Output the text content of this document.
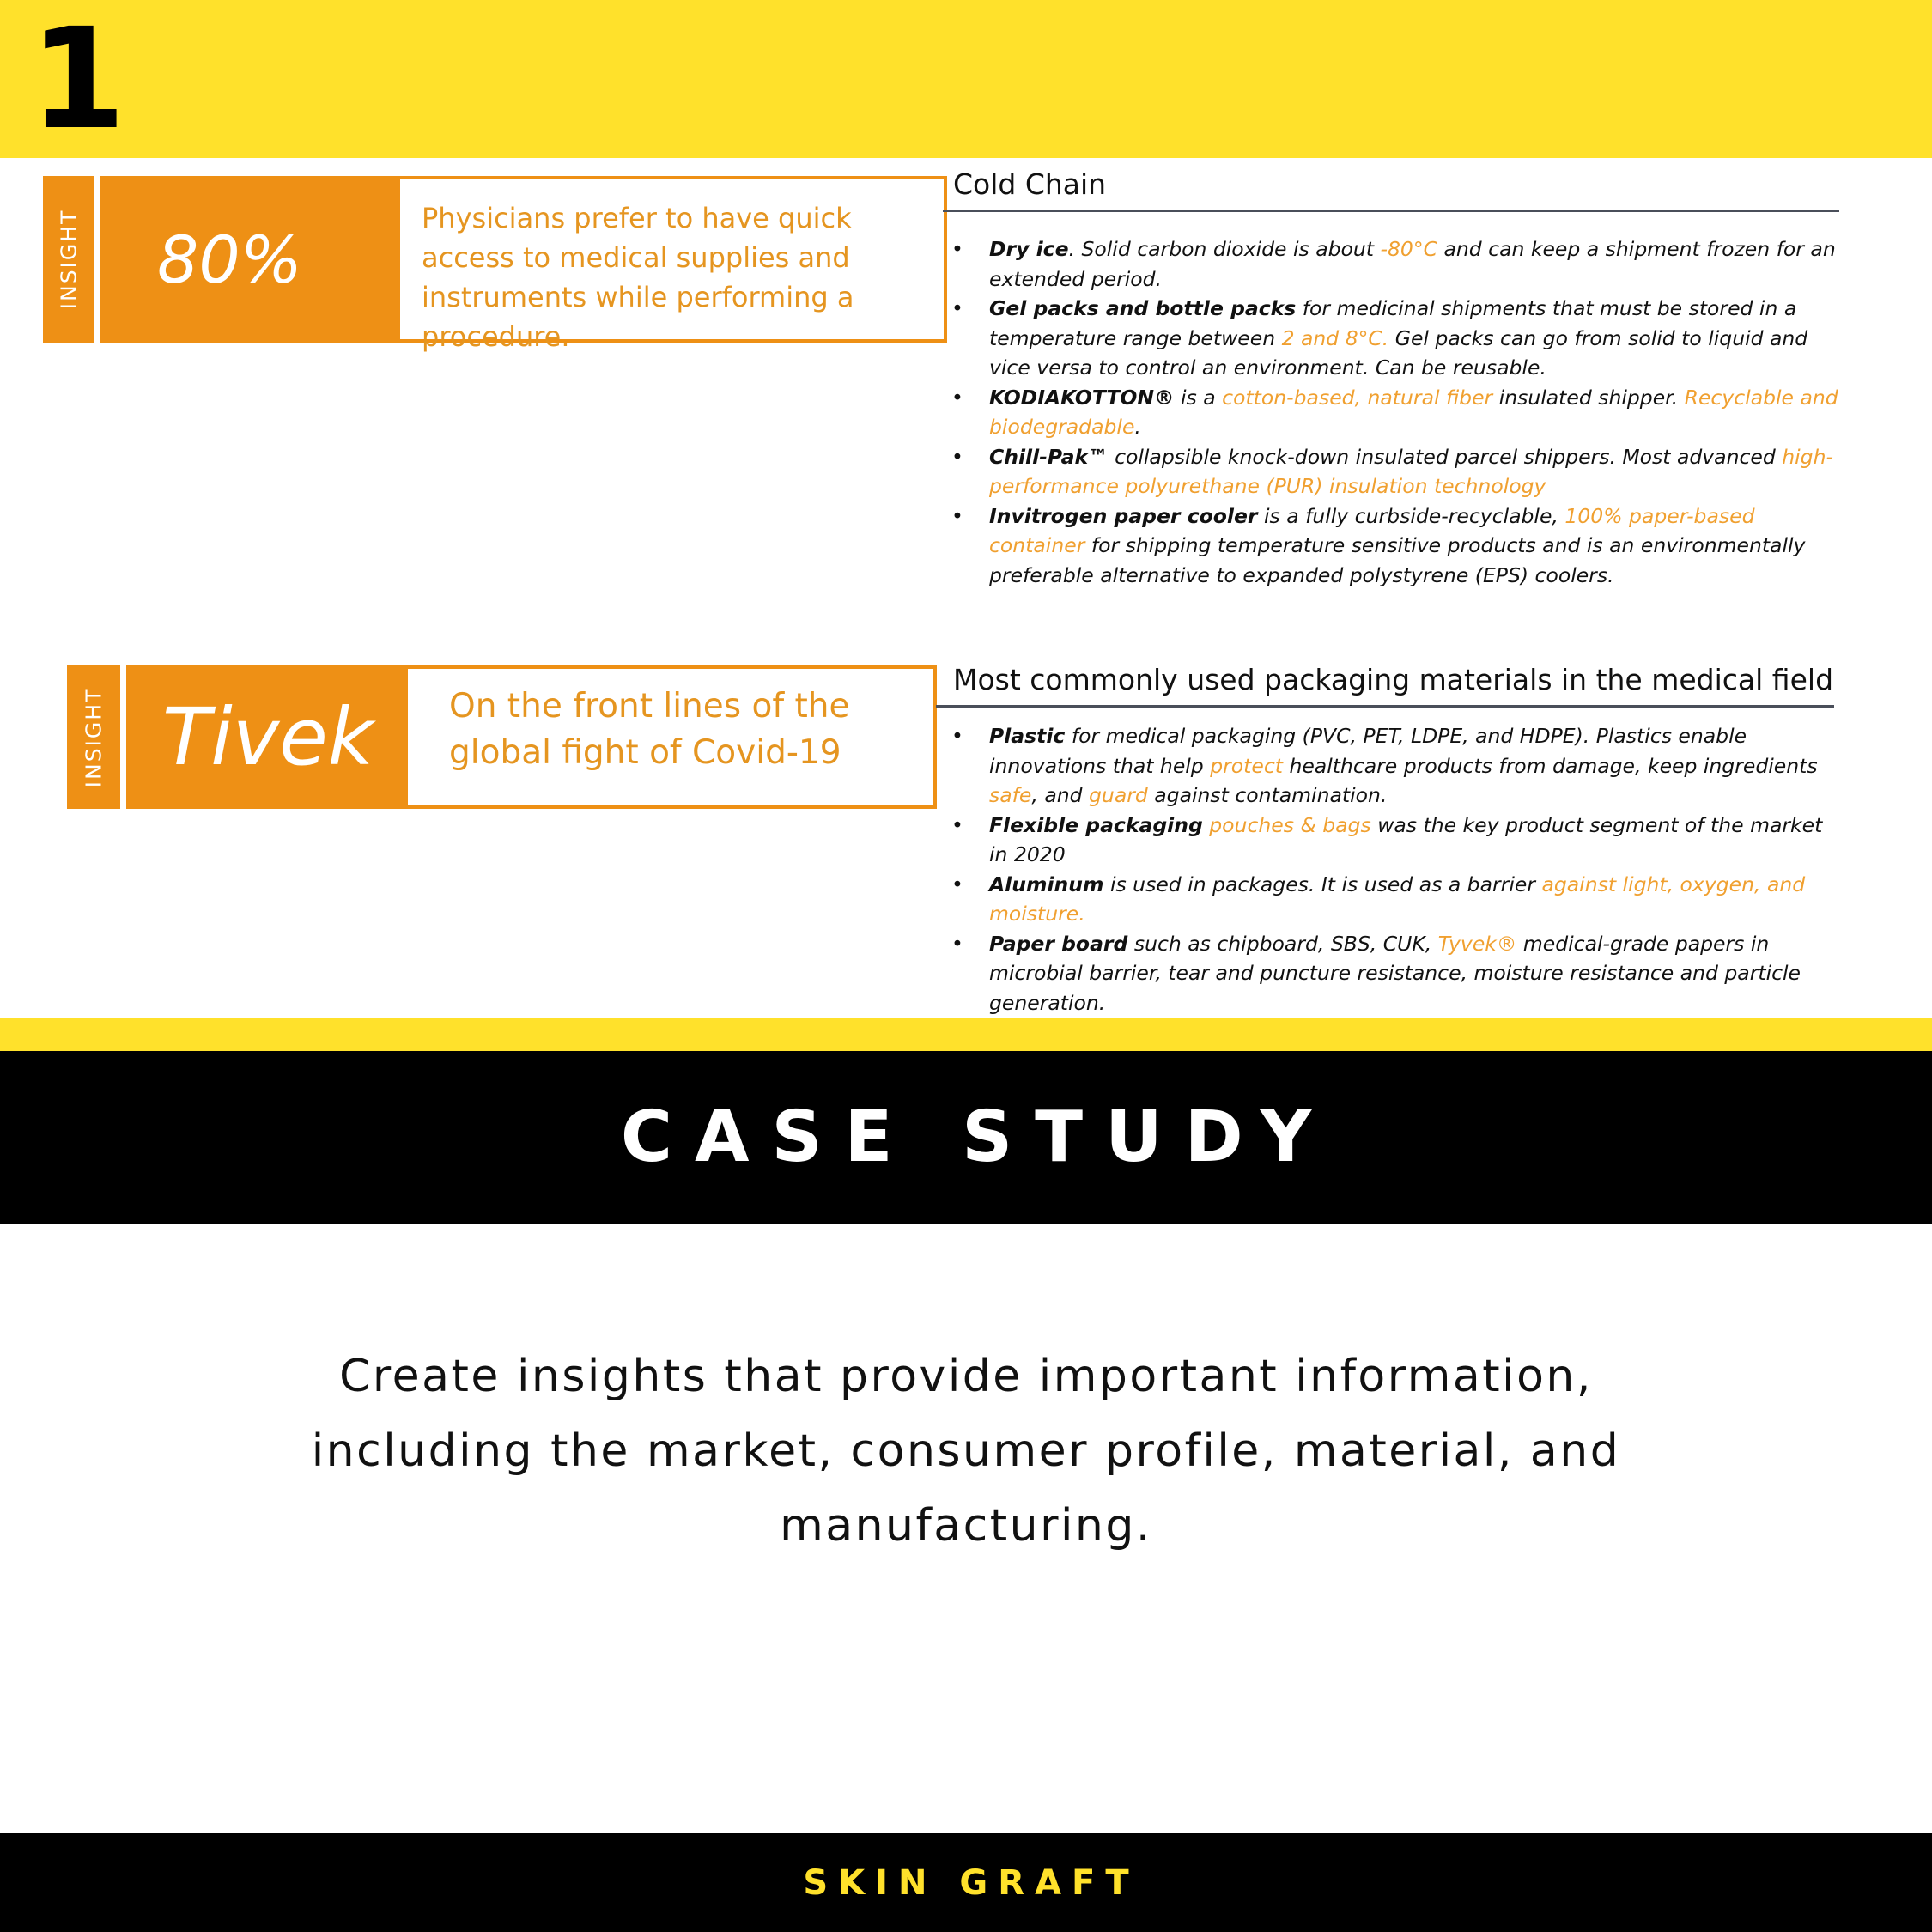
1
INSIGHT	80%
Physicians prefer to have quick access to medical supplies and instruments while performing a procedure.
INSIGHT Tivek	On the front lines of the global fight of Covid-19
Cold Chain
• Dry ice. Solid carbon dioxide is about -80°C and can keep a shipment frozen for an extended period.
• Gel packs and bottle packs for medicinal shipments that must be stored in a temperature range between 2 and 8°C. Gel packs can go from solid to liquid and vice versa to control an environment. Can be reusable.
• KODIAKOTTON® is a cotton-based, natural fiber insulated shipper. Recyclable and biodegradable.
• Chill-Pak™ collapsible knock-down insulated parcel shippers. Most advanced high-performance polyurethane (PUR) insulation technology
• Invitrogen paper cooler is a fully curbside-recyclable, 100% paper-based container for shipping temperature sensitive products and is an environmentally preferable alternative to expanded polystyrene (EPS) coolers.
Most commonly used packaging materials in the medical field
• Plastic for medical packaging (PVC, PET, LDPE, and HDPE). Plastics enable innovations that help protect healthcare products from damage, keep ingredients safe, and guard against contamination.
• Flexible packaging pouches & bags was the key product segment of the market in 2020
• Aluminum is used in packages. It is used as a barrier against light, oxygen, and moisture.
• Paper board such as chipboard, SBS, CUK, Tyvek® medical-grade papers in microbial barrier, tear and puncture resistance, moisture resistance and particle generation.
CASE STUDY
Create insights that provide important information, including the market, consumer profile, material, and manufacturing.
SKIN GRAFT
